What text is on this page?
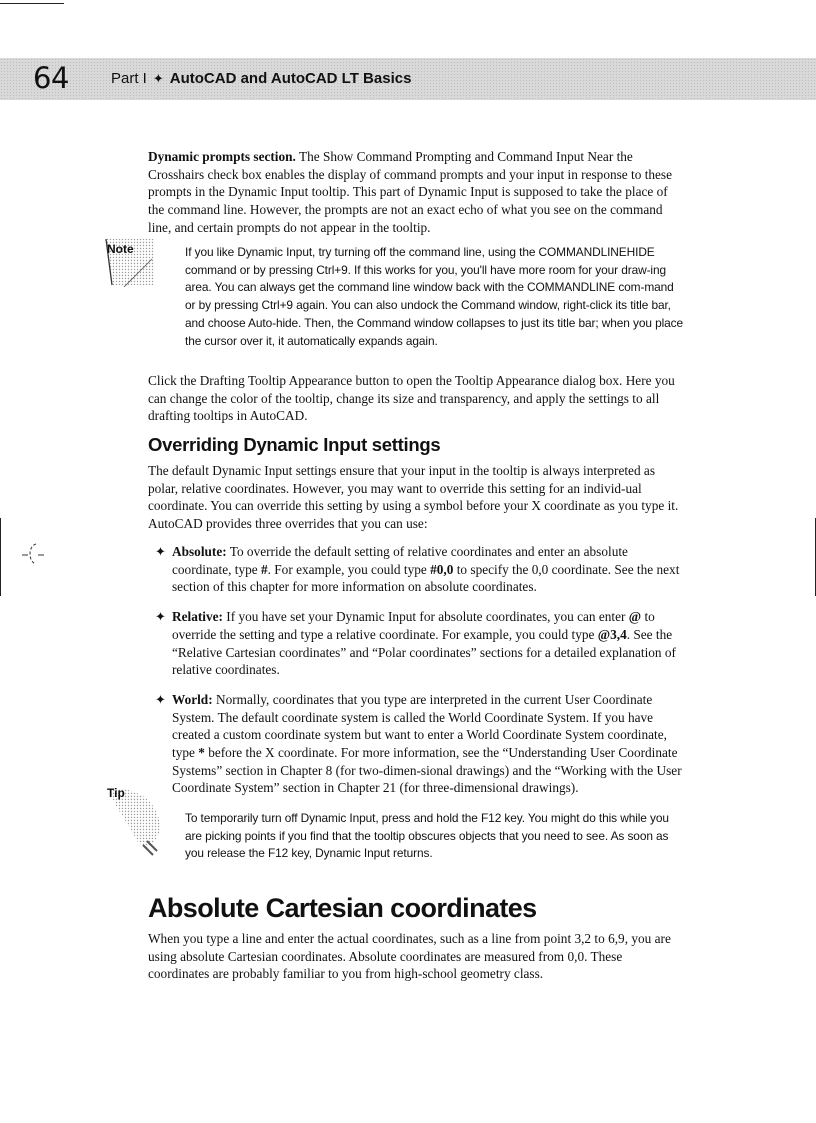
64	Part I ✦ AutoCAD and AutoCAD LT Basics
Dynamic prompts section. The Show Command Prompting and Command Input Near the Crosshairs check box enables the display of command prompts and your input in response to these prompts in the Dynamic Input tooltip. This part of Dynamic Input is supposed to take the place of the command line. However, the prompts are not an exact echo of what you see on the command line, and certain prompts do not appear in the tooltip.
Note	If you like Dynamic Input, try turning off the command line, using the COMMANDLINEHIDE command or by pressing Ctrl+9. If this works for you, you'll have more room for your draw-ing area. You can always get the command line window back with the COMMANDLINE com-mand or by pressing Ctrl+9 again. You can also undock the Command window, right-click its title bar, and choose Auto-hide. Then, the Command window collapses to just its title bar; when you place the cursor over it, it automatically expands again.
Click the Drafting Tooltip Appearance button to open the Tooltip Appearance dialog box. Here you can change the color of the tooltip, change its size and transparency, and apply the settings to all drafting tooltips in AutoCAD.
Overriding Dynamic Input settings
The default Dynamic Input settings ensure that your input in the tooltip is always interpreted as polar, relative coordinates. However, you may want to override this setting for an individ-ual coordinate. You can override this setting by using a symbol before your X coordinate as you type it. AutoCAD provides three overrides that you can use:
✦ Absolute: To override the default setting of relative coordinates and enter an absolute coordinate, type #. For example, you could type #0,0 to specify the 0,0 coordinate. See the next section of this chapter for more information on absolute coordinates.
✦ Relative: If you have set your Dynamic Input for absolute coordinates, you can enter @ to override the setting and type a relative coordinate. For example, you could type @3,4. See the “Relative Cartesian coordinates” and “Polar coordinates” sections for a detailed explanation of relative coordinates.
✦ World: Normally, coordinates that you type are interpreted in the current User Coordinate System. The default coordinate system is called the World Coordinate System. If you have created a custom coordinate system but want to enter a World Coordinate System coordinate, type * before the X coordinate. For more information, see the “Understanding User Coordinate Systems” section in Chapter 8 (for two-dimen-sional drawings) and the “Working with the User Coordinate System” section in Chapter 21 (for three-dimensional drawings).
Tip
To temporarily turn off Dynamic Input, press and hold the F12 key. You might do this while you are picking points if you find that the tooltip obscures objects that you need to see. As soon as you release the F12 key, Dynamic Input returns.
Absolute Cartesian coordinates
When you type a line and enter the actual coordinates, such as a line from point 3,2 to 6,9, you are using absolute Cartesian coordinates. Absolute coordinates are measured from 0,0. These coordinates are probably familiar to you from high-school geometry class.
